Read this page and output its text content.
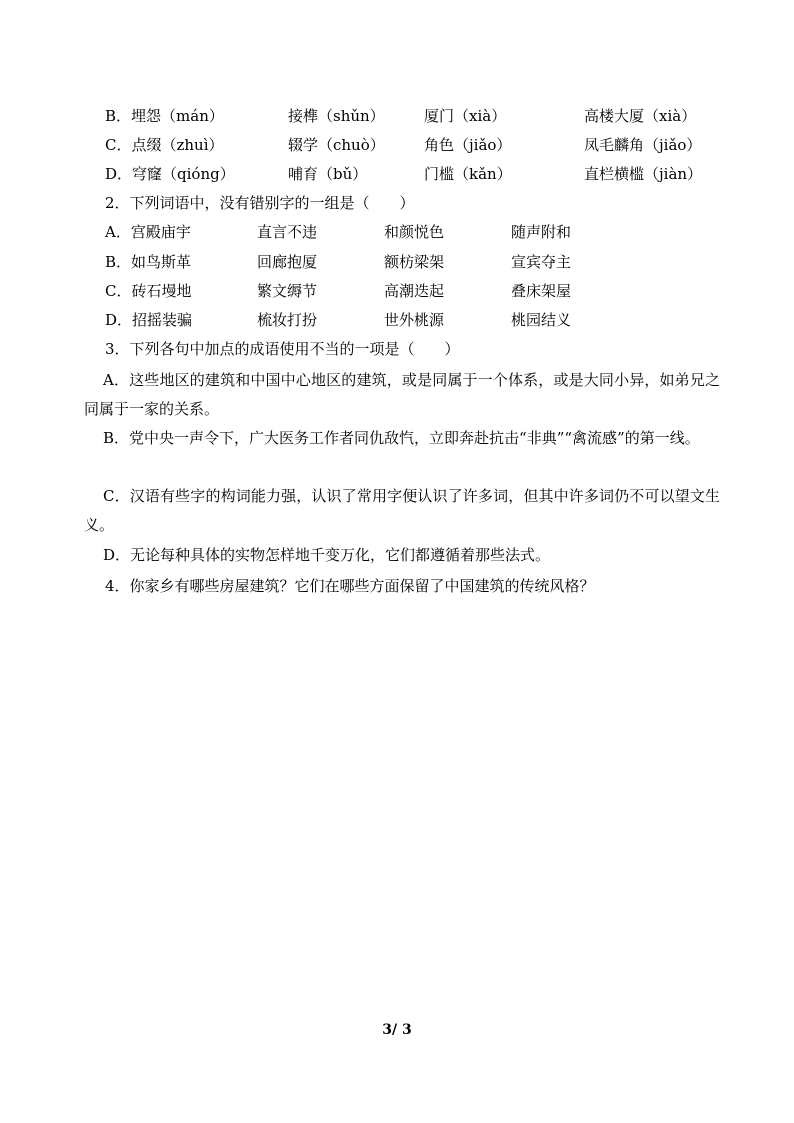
B．埋怨（mán）	接榫（shǔn）	厦门（xià）	高楼大厦（xià）
C．点缀（zhuì）	辍学（chuò）	角色（jiǎo）	凤毛麟角（jiǎo）
D．穹窿（qióng）	哺育（bǔ）	门槛（kǎn）	直栏横槛（jiàn）
2．下列词语中，没有错别字的一组是（　　）
A．宫殿庙宇	直言不违	和颜悦色	随声附和
B．如鸟斯革	回廊抱厦	额枋梁架	宣宾夺主
C．砖石墁地	繁文缛节	高潮迭起	叠床架屋
D．招摇装骗	梳妆打扮	世外桃源	桃园结义
3．下列各句中加点的成语使用不当的一项是（　　）
A．这些地区的建筑和中国中心地区的建筑，或是同属于一个体系，或是大同小异，如弟兄之同属于一家的关系。
B．党中央一声令下，广大医务工作者同仇敌忾，立即奔赴抗击“非典”“禽流感”的第一线。
C．汉语有些字的构词能力强，认识了常用字便认识了许多词，但其中许多词仍不可以望文生义。
D．无论每种具体的实物怎样地千变万化，它们都遵循着那些法式。
4．你家乡有哪些房屋建筑？它们在哪些方面保留了中国建筑的传统风格？
3/ 3
